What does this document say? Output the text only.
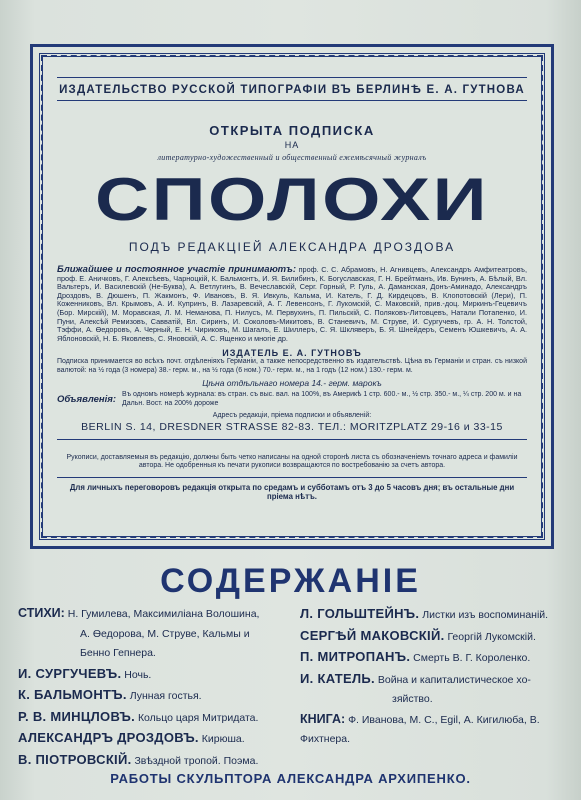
ИЗДАТЕЛЬСТВО РУССКОЙ ТИПОГРАФІИ ВЪ БЕРЛИНѢ Е. А. ГУТНОВА
ОТКРЫТА ПОДПИСКА
НА
литературно-художественный и общественный ежемѣсячный журналъ
СПОЛОХИ
ПОДЪ РЕДАКЦІЕЙ АЛЕКСАНДРА ДРОЗДОВА
Ближайшее и постоянное участіе принимаютъ: проф. С. С. Абрамовъ, Н. Агнивцевъ, Александръ Амфитеатровъ, проф. Е. Аничковъ, Г. Алексѣевъ, Чарноцкій, К. Бальмонтъ, И. Я. Билибинъ, К. Богуславская, Г. Н. Брейтманъ, Ив. Бунинъ, А. Бѣлый, Вл. Вальтеръ, И. Василевскій (Не-Буква), А. Ветлугинъ, В. Вечеславскій, Серг. Горный, Р. Гуль, А. Даманская, Донъ-Аминадо, Александръ Дроздовъ, В. Дюшенъ, П. Жакмонъ, Ф. Ивановъ, В. Я. Ивкуль, Кальма, И. Катель, Г. Д. Кирдецовъ, В. Клопотовскій (Лери), П. Коженниковъ, Вл. Крымовъ, А. И. Купринъ, В. Лазаревскій, А. Г. Левенсонъ, Г. Лукомскій, С. Маковскій, прив.-доц. Миркинъ-Гецевичъ (Бор. Мирскій), М. Моравская, Л. М. Неманова, П. Нилусъ, М. Первухинъ, П. Пильскій, С. Поляковъ-Литовцевъ, Натали Потапенко, И. Пуни, Алексѣй Ремизовъ, Савватій, Вл. Сиринъ, И. Соколовъ-Микитовъ, В. Станевичъ, М. Струве, И. Сургучевъ, гр. А. Н. Толстой, Тэффи, А. Ѳедоровъ, А. Черный, Е. Н. Чириковъ, М. Шагалъ, Е. Шиллеръ, С. Я. Шкляверъ, Б. Я. Шнейдеръ, Семенъ Юшкевичъ, А. А. Яблоновскій, Н. Б. Яковлевъ, С. Яновскій, А. С. Ященко и многіе др.
ИЗДАТЕЛЬ Е. А. ГУТНОВЪ
Подписка принимается во всѣхъ почт. отдѣленіяхъ Германіи, а также непосредственно въ издательствѣ. Цѣна въ Германіи и стран. съ низкой валютой: на ½ года (3 номера) 38.- герм. м., на ½ года (6 ном.) 70.- герм. м., на 1 годъ (12 ном.) 130.- герм. м.
Цѣна отдѣльнаго номера 14.- герм. марокъ
Объявленія: Въ одномъ номерѣ журнала: въ стран. съ выс. вал. на 100%, въ Америкѣ 1 стр. 600.- м., ½ стр. 350.- м., ¼ стр. 200 м. и на Дальн. Вост. на 200% дороже
Адресъ редакціи, пріема подписки и объявленій:
BERLIN S. 14, DRESDNER STRASSE 82-83. ТЕЛ.: MORITZPLATZ 29-16 и 33-15
Рукописи, доставляемыя въ редакцію, должны быть четко написаны на одной сторонѣ листа съ обозначеніемъ точнаго адреса и фамиліи автора. Не одобренныя къ печати рукописи возвращаются по востребованію за счетъ автора.
Для личныхъ переговоровъ редакція открыта по средамъ и субботамъ отъ 3 до 5 часовъ дня; въ остальные дни пріема нѣтъ.
СОДЕРЖАНІЕ
СТИХИ: Н. Гумилева, Максимиліана Волошина,
А. Ѳедорова, М. Струве, Кальмы и
Бенно Гепнера.
И. СУРГУЧЕВЪ. Ночь.
К. БАЛЬМОНТЪ. Лунная гостья.
Р. В. МИНЦЛОВЪ. Кольцо царя Митридата.
АЛЕКСАНДРЪ ДРОЗДОВЪ. Кирюша.
В. ПІОТРОВСКІЙ. Звѣздной тропой. Поэма.
Л. ГОЛЬШТЕЙНЪ. Листки изъ воспоминаній.
СЕРГѢЙ МАКОВСКІЙ. Георгій Лукомскій.
П. МИТРОПАНЪ. Смерть В. Г. Короленко.
И. КАТЕЛЬ. Война и капиталистическое хо-
зяйство.
КНИГА: Ф. Иванова, М. С., Egil, А. Кигилюба, В. Фихтнера.
РАБОТЫ СКУЛЬПТОРА АЛЕКСАНДРА АРХИПЕНКО.
